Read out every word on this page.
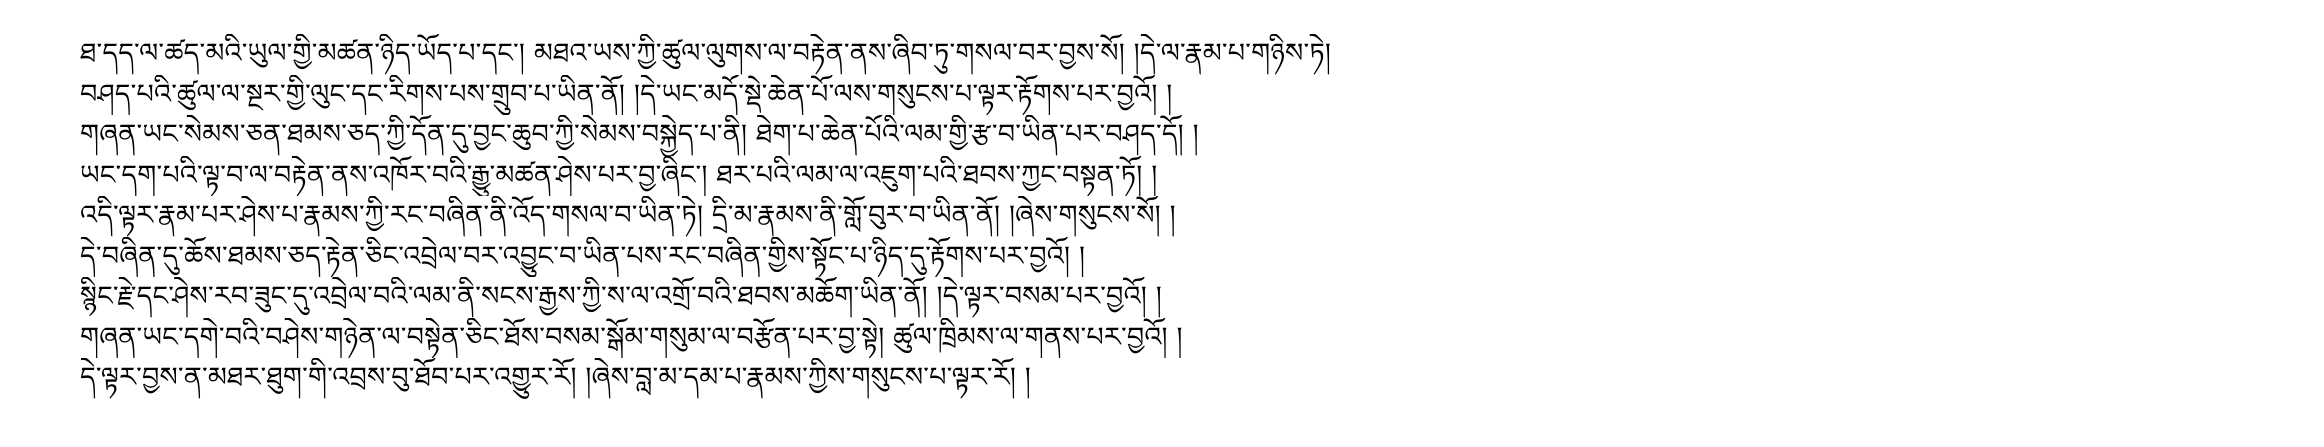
ཐ་དད་ལ་ཚད་མའི་ཡུལ་གྱི་མཚན་ཉིད་ཡོད་པ་དང་། མཐའ་ཡས་ཀྱི་ཚུལ་ལུགས་ལ་བརྟེན་ནས་ཞིབ་ཏུ་གསལ་བར་བྱས་སོ། །དེ་ལ་རྣམ་པ་གཉིས་ཏེ།
བཤད་པའི་ཚུལ་ལ་སྔར་གྱི་ལུང་དང་རིགས་པས་གྲུབ་པ་ཡིན་ནོ། །དེ་ཡང་མདོ་སྡེ་ཆེན་པོ་ལས་གསུངས་པ་ལྟར་རྟོགས་པར་བྱའོ། །
གཞན་ཡང་སེམས་ཅན་ཐམས་ཅད་ཀྱི་དོན་དུ་བྱང་ཆུབ་ཀྱི་སེམས་བསྐྱེད་པ་ནི། ཐེག་པ་ཆེན་པོའི་ལམ་གྱི་རྩ་བ་ཡིན་པར་བཤད་དོ། །
ཡང་དག་པའི་ལྟ་བ་ལ་བརྟེན་ནས་འཁོར་བའི་རྒྱུ་མཚན་ཤེས་པར་བྱ་ཞིང་། ཐར་པའི་ལམ་ལ་འཇུག་པའི་ཐབས་ཀྱང་བསྟན་ཏོ། །
འདི་ལྟར་རྣམ་པར་ཤེས་པ་རྣམས་ཀྱི་རང་བཞིན་ནི་འོད་གསལ་བ་ཡིན་ཏེ། དྲི་མ་རྣམས་ནི་གློ་བུར་བ་ཡིན་ནོ། །ཞེས་གསུངས་སོ། །
དེ་བཞིན་དུ་ཆོས་ཐམས་ཅད་རྟེན་ཅིང་འབྲེལ་བར་འབྱུང་བ་ཡིན་པས་རང་བཞིན་གྱིས་སྟོང་པ་ཉིད་དུ་རྟོགས་པར་བྱའོ། །
སྙིང་རྗེ་དང་ཤེས་རབ་ཟུང་དུ་འབྲེལ་བའི་ལམ་ནི་སངས་རྒྱས་ཀྱི་ས་ལ་འགྲོ་བའི་ཐབས་མཆོག་ཡིན་ནོ། །དེ་ལྟར་བསམ་པར་བྱའོ། །
གཞན་ཡང་དགེ་བའི་བཤེས་གཉེན་ལ་བསྟེན་ཅིང་ཐོས་བསམ་སྒོམ་གསུམ་ལ་བརྩོན་པར་བྱ་སྟེ། ཚུལ་ཁྲིམས་ལ་གནས་པར་བྱའོ། །
དེ་ལྟར་བྱས་ན་མཐར་ཐུག་གི་འབྲས་བུ་ཐོབ་པར་འགྱུར་རོ། །ཞེས་བླ་མ་དམ་པ་རྣམས་ཀྱིས་གསུངས་པ་ལྟར་རོ། །
